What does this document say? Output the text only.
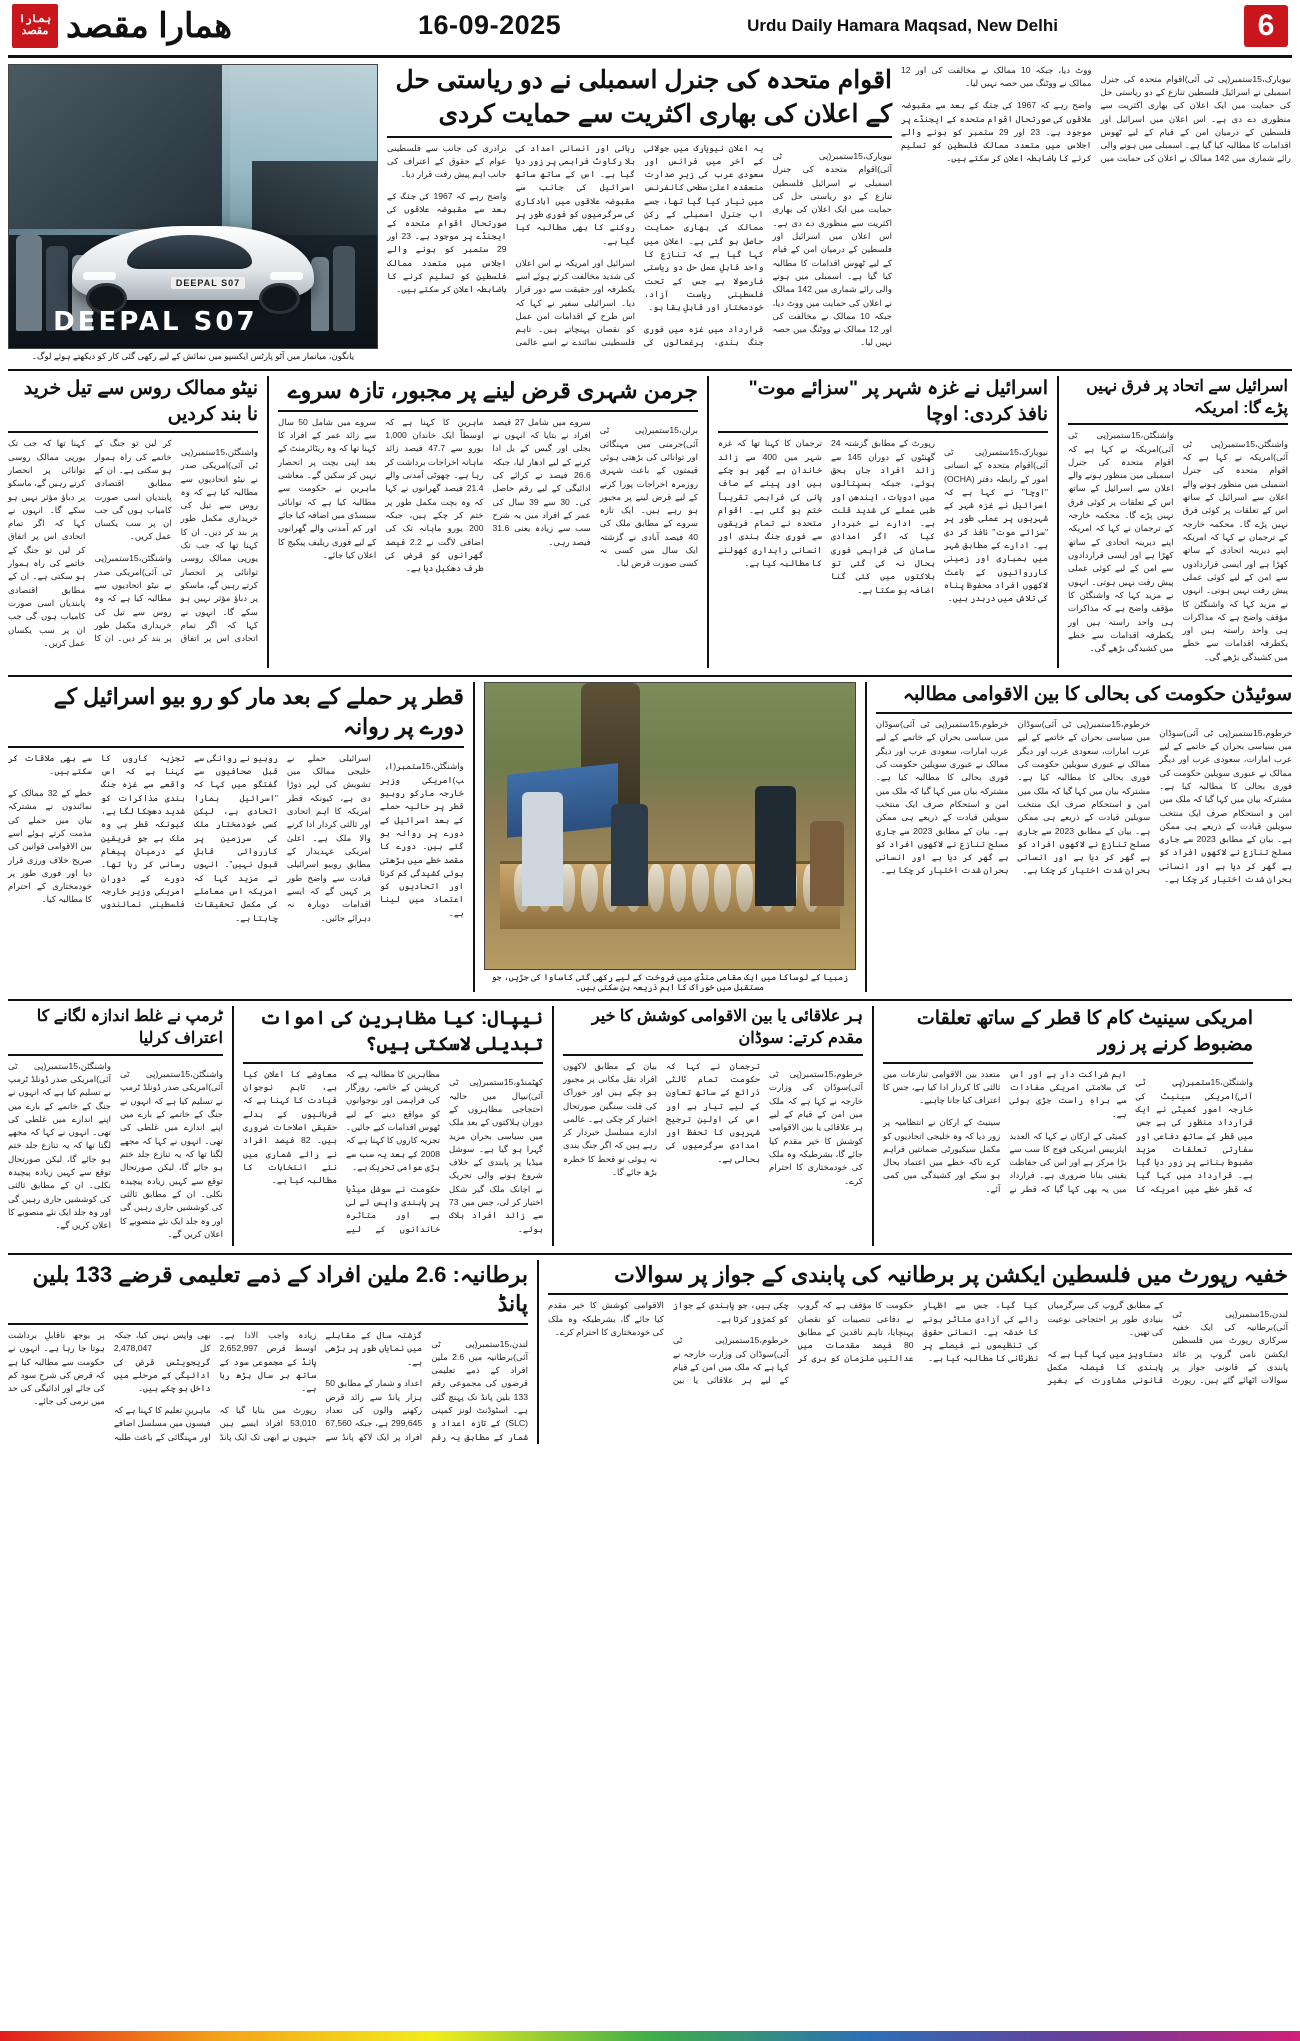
ہمارا
مقصد همارا مقصد	16-09-2025	Urdu Daily Hamara Maqsad, New Delhi	6
DEEPAL S07
DEEPAL S07
یانگون، میانمار میں آٹو پارٹس ایکسپو میں نمائش کے لیے رکھی گئی کار کو دیکھتے ہوئے لوگ۔
اقوام متحدہ کی جنرل اسمبلی نے دو ریاستی حل کے اعلان کی بھاری اکثریت سے حمایت کردی

نیویارک،15ستمبر(پی ٹی آئی)اقوام متحدہ کی جنرل اسمبلی نے اسرائیل فلسطین تنازع کے دو ریاستی حل کی حمایت میں ایک اعلان کی بھاری اکثریت سے منظوری دے دی ہے۔ اس اعلان میں اسرائیل اور فلسطین کے درمیان امن کے قیام کے لیے ٹھوس اقدامات کا مطالبہ کیا گیا ہے۔ اسمبلی میں ہونے والی رائے شماری میں 142 ممالک نے اعلان کی حمایت میں ووٹ دیا، جبکہ 10 ممالک نے مخالفت کی اور 12 ممالک نے ووٹنگ میں حصہ نہیں لیا۔

یہ اعلان نیویارک میں جولائی کے آخر میں فرانس اور سعودی عرب کی زیرِ صدارت منعقدہ اعلیٰ سطحی کانفرنس میں تیار کیا گیا تھا، جسے اب جنرل اسمبلی کے رکن ممالک کی بھاری حمایت حاصل ہو گئی ہے۔ اعلان میں کہا گیا ہے کہ تنازع کا واحد قابلِ عمل حل دو ریاستی فارمولا ہے جس کے تحت فلسطینی ریاست آزاد، خودمختار اور قابلِ بقا ہو۔

قرارداد میں غزہ میں فوری جنگ بندی، یرغمالوں کی رہائی اور انسانی امداد کی بلا رکاوٹ فراہمی پر زور دیا گیا ہے۔ اس کے ساتھ ساتھ اسرائیل کی جانب سے مقبوضہ علاقوں میں آبادکاری کی سرگرمیوں کو فوری طور پر روکنے کا بھی مطالبہ کیا گیا ہے۔

اسرائیل اور امریکہ نے اس اعلان کی شدید مخالفت کرتے ہوئے اسے یکطرفہ اور حقیقت سے دور قرار دیا۔ اسرائیلی سفیر نے کہا کہ اس طرح کے اقدامات امن عمل کو نقصان پہنچاتے ہیں۔ تاہم فلسطینی نمائندے نے اسے عالمی برادری کی جانب سے فلسطینی عوام کے حقوق کے اعتراف کی جانب اہم پیش رفت قرار دیا۔

واضح رہے کہ 1967 کی جنگ کے بعد سے مقبوضہ علاقوں کی صورتحال اقوام متحدہ کے ایجنڈے پر موجود ہے۔ 23 اور 29 ستمبر کو ہونے والے اجلاس میں متعدد ممالک فلسطین کو تسلیم کرنے کا باضابطہ اعلان کر سکتے ہیں۔

نیویارک،15ستمبر(پی ٹی آئی)اقوام متحدہ کی جنرل اسمبلی نے اسرائیل فلسطین تنازع کے دو ریاستی حل کی حمایت میں ایک اعلان کی بھاری اکثریت سے منظوری دے دی ہے۔ اس اعلان میں اسرائیل اور فلسطین کے درمیان امن کے قیام کے لیے ٹھوس اقدامات کا مطالبہ کیا گیا ہے۔ اسمبلی میں ہونے والی رائے شماری میں 142 ممالک نے اعلان کی حمایت میں ووٹ دیا، جبکہ 10 ممالک نے مخالفت کی اور 12 ممالک نے ووٹنگ میں حصہ نہیں لیا۔

واضح رہے کہ 1967 کی جنگ کے بعد سے مقبوضہ علاقوں کی صورتحال اقوام متحدہ کے ایجنڈے پر موجود ہے۔ 23 اور 29 ستمبر کو ہونے والے اجلاس میں متعدد ممالک فلسطین کو تسلیم کرنے کا باضابطہ اعلان کر سکتے ہیں۔

نیٹو ممالک روس سے تیل خرید نا بند کردیں

واشنگٹن،15ستمبر(پی ٹی آئی)امریکی صدر نے نیٹو اتحادیوں سے مطالبہ کیا ہے کہ وہ روس سے تیل کی خریداری مکمل طور پر بند کر دیں۔ ان کا کہنا تھا کہ جب تک یورپی ممالک روسی توانائی پر انحصار کرتے رہیں گے، ماسکو پر دباؤ مؤثر نہیں ہو سکے گا۔ انہوں نے کہا کہ اگر تمام اتحادی اس پر اتفاق کر لیں تو جنگ کے خاتمے کی راہ ہموار ہو سکتی ہے۔ ان کے مطابق اقتصادی پابندیاں اسی صورت کامیاب ہوں گی جب ان پر سب یکساں عمل کریں۔

واشنگٹن،15ستمبر(پی ٹی آئی)امریکی صدر نے نیٹو اتحادیوں سے مطالبہ کیا ہے کہ وہ روس سے تیل کی خریداری مکمل طور پر بند کر دیں۔ ان کا کہنا تھا کہ جب تک یورپی ممالک روسی توانائی پر انحصار کرتے رہیں گے، ماسکو پر دباؤ مؤثر نہیں ہو سکے گا۔ انہوں نے کہا کہ اگر تمام اتحادی اس پر اتفاق کر لیں تو جنگ کے خاتمے کی راہ ہموار ہو سکتی ہے۔ ان کے مطابق اقتصادی پابندیاں اسی صورت کامیاب ہوں گی جب ان پر سب یکساں عمل کریں۔

جرمن شہری قرض لینے پر مجبور، تازہ سروے

برلن،15ستمبر(پی ٹی آئی)جرمنی میں مہنگائی اور توانائی کی بڑھتی ہوئی قیمتوں کے باعث شہری روزمرہ اخراجات پورا کرنے کے لیے قرض لینے پر مجبور ہو رہے ہیں۔ ایک تازہ سروے کے مطابق ملک کی 40 فیصد آبادی نے گزشتہ ایک سال میں کسی نہ کسی صورت قرض لیا۔

سروے میں شامل 27 فیصد افراد نے بتایا کہ انہوں نے بجلی اور گیس کے بل ادا کرنے کے لیے ادھار لیا، جبکہ 26.6 فیصد نے کرائے کی ادائیگی کے لیے رقم حاصل کی۔ 30 سے 39 سال کی عمر کے افراد میں یہ شرح سب سے زیادہ یعنی 31.6 فیصد رہی۔

ماہرین کا کہنا ہے کہ اوسطاً ایک خاندان 1,000 یورو سے 47.7 فیصد زائد ماہانہ اخراجات برداشت کر رہا ہے۔ چھوٹی آمدنی والے 21.4 فیصد گھرانوں نے کہا کہ وہ بچت مکمل طور پر ختم کر چکے ہیں، جبکہ 200 یورو ماہانہ تک کی اضافی لاگت نے 2.2 فیصد گھرانوں کو قرض کی طرف دھکیل دیا ہے۔

سروے میں شامل 50 سال سے زائد عمر کے افراد کا کہنا تھا کہ وہ ریٹائرمنٹ کے بعد اپنی بچت پر انحصار نہیں کر سکیں گے۔ معاشی ماہرین نے حکومت سے مطالبہ کیا ہے کہ توانائی سبسڈی میں اضافہ کیا جائے اور کم آمدنی والے گھرانوں کے لیے فوری ریلیف پیکیج کا اعلان کیا جائے۔

اسرائیل نے غزہ شہر پر "سزائے موت" نافذ کردی: اوچا

نیویارک،15ستمبر(پی ٹی آئی)اقوام متحدہ کے انسانی امور کے رابطہ دفتر (OCHA) "اوچا" نے کہا ہے کہ اسرائیل نے غزہ شہر کے شہریوں پر عملی طور پر "سزائے موت" نافذ کر دی ہے۔ ادارے کے مطابق شہر میں بمباری اور زمینی کارروائیوں کے باعث لاکھوں افراد محفوظ پناہ کی تلاش میں دربدر ہیں۔

رپورٹ کے مطابق گزشتہ 24 گھنٹوں کے دوران 145 سے زائد افراد جاں بحق ہوئے، جبکہ ہسپتالوں میں ادویات، ایندھن اور طبی عملے کی شدید قلت ہے۔ ادارے نے خبردار کیا کہ اگر امدادی سامان کی فراہمی فوری بحال نہ کی گئی تو ہلاکتوں میں کئی گنا اضافہ ہو سکتا ہے۔

ترجمان کا کہنا تھا کہ غزہ شہر میں 400 سے زائد خاندان بے گھر ہو چکے ہیں اور پینے کے صاف پانی کی فراہمی تقریباً ختم ہو گئی ہے۔ اقوام متحدہ نے تمام فریقوں سے فوری جنگ بندی اور انسانی راہداری کھولنے کا مطالبہ کیا ہے۔

اسرائیل سے اتحاد پر فرق نہیں پڑے گا: امریکہ

واشنگٹن،15ستمبر(پی ٹی آئی)امریکہ نے کہا ہے کہ اقوام متحدہ کی جنرل اسمبلی میں منظور ہونے والے اعلان سے اسرائیل کے ساتھ اس کے تعلقات پر کوئی فرق نہیں پڑے گا۔ محکمہ خارجہ کے ترجمان نے کہا کہ امریکہ اپنے دیرینہ اتحادی کے ساتھ کھڑا ہے اور ایسی قراردادوں سے امن کے لیے کوئی عملی پیش رفت نہیں ہوتی۔ انہوں نے مزید کہا کہ واشنگٹن کا مؤقف واضح ہے کہ مذاکرات ہی واحد راستہ ہیں اور یکطرفہ اقدامات سے خطے میں کشیدگی بڑھے گی۔

واشنگٹن،15ستمبر(پی ٹی آئی)امریکہ نے کہا ہے کہ اقوام متحدہ کی جنرل اسمبلی میں منظور ہونے والے اعلان سے اسرائیل کے ساتھ اس کے تعلقات پر کوئی فرق نہیں پڑے گا۔ محکمہ خارجہ کے ترجمان نے کہا کہ امریکہ اپنے دیرینہ اتحادی کے ساتھ کھڑا ہے اور ایسی قراردادوں سے امن کے لیے کوئی عملی پیش رفت نہیں ہوتی۔ انہوں نے مزید کہا کہ واشنگٹن کا مؤقف واضح ہے کہ مذاکرات ہی واحد راستہ ہیں اور یکطرفہ اقدامات سے خطے میں کشیدگی بڑھے گی۔

قطر پر حملے کے بعد مار کو رو بیو اسرائیل کے دورے پر روانہ

واشنگٹن،15ستمبر(ایپ)امریکی وزیر خارجہ مارکو روبیو قطر پر حالیہ حملے کے بعد اسرائیل کے دورے پر روانہ ہو گئے ہیں۔ دورے کا مقصد خطے میں بڑھتی ہوئی کشیدگی کم کرنا اور اتحادیوں کو اعتماد میں لینا ہے۔

اسرائیلی حملے نے خلیجی ممالک میں تشویش کی لہر دوڑا دی ہے، کیونکہ قطر امریکہ کا اہم اتحادی اور ثالثی کردار ادا کرنے والا ملک ہے۔ اعلیٰ امریکی عہدیدار کے مطابق روبیو اسرائیلی قیادت سے واضح طور پر کہیں گے کہ ایسے اقدامات دوبارہ نہ دہرائے جائیں۔

روبیو نے روانگی سے قبل صحافیوں سے گفتگو میں کہا کہ "اسرائیل ہمارا اتحادی ہے، لیکن کسی خودمختار ملک کی سرزمین پر کارروائی قابلِ قبول نہیں"۔ انہوں نے مزید کہا کہ امریکہ اس معاملے کی مکمل تحقیقات چاہتا ہے۔

تجزیہ کاروں کا کہنا ہے کہ اس واقعے سے غزہ جنگ بندی مذاکرات کو شدید دھچکا لگا ہے، کیونکہ قطر ہی وہ ملک ہے جو فریقین کے درمیان پیغام رسانی کر رہا تھا۔ دورے کے دوران امریکی وزیر خارجہ فلسطینی نمائندوں سے بھی ملاقات کر سکتے ہیں۔

خطے کے 32 ممالک کے نمائندوں نے مشترکہ بیان میں حملے کی مذمت کرتے ہوئے اسے بین الاقوامی قوانین کی صریح خلاف ورزی قرار دیا اور فوری طور پر خودمختاری کے احترام کا مطالبہ کیا۔

زمبیا کے لوساکا میں ایک مقامی منڈی میں فروخت کے لیے رکھی گئی کاساوا کی جڑیں، جو مستقبل میں خوراک کا اہم ذریعہ بن سکتی ہیں۔
سوئیڈن حکومت کی بحالی کا بین الاقوامی مطالبہ

خرطوم،15ستمبر(پی ٹی آئی)سوڈان میں سیاسی بحران کے خاتمے کے لیے عرب امارات، سعودی عرب اور دیگر ممالک نے عبوری سویلین حکومت کی فوری بحالی کا مطالبہ کیا ہے۔ مشترکہ بیان میں کہا گیا کہ ملک میں امن و استحکام صرف ایک منتخب سویلین قیادت کے ذریعے ہی ممکن ہے۔ بیان کے مطابق 2023 سے جاری مسلح تنازع نے لاکھوں افراد کو بے گھر کر دیا ہے اور انسانی بحران شدت اختیار کر چکا ہے۔

خرطوم،15ستمبر(پی ٹی آئی)سوڈان میں سیاسی بحران کے خاتمے کے لیے عرب امارات، سعودی عرب اور دیگر ممالک نے عبوری سویلین حکومت کی فوری بحالی کا مطالبہ کیا ہے۔ مشترکہ بیان میں کہا گیا کہ ملک میں امن و استحکام صرف ایک منتخب سویلین قیادت کے ذریعے ہی ممکن ہے۔ بیان کے مطابق 2023 سے جاری مسلح تنازع نے لاکھوں افراد کو بے گھر کر دیا ہے اور انسانی بحران شدت اختیار کر چکا ہے۔

خرطوم،15ستمبر(پی ٹی آئی)سوڈان میں سیاسی بحران کے خاتمے کے لیے عرب امارات، سعودی عرب اور دیگر ممالک نے عبوری سویلین حکومت کی فوری بحالی کا مطالبہ کیا ہے۔ مشترکہ بیان میں کہا گیا کہ ملک میں امن و استحکام صرف ایک منتخب سویلین قیادت کے ذریعے ہی ممکن ہے۔ بیان کے مطابق 2023 سے جاری مسلح تنازع نے لاکھوں افراد کو بے گھر کر دیا ہے اور انسانی بحران شدت اختیار کر چکا ہے۔

ٹرمپ نے غلط اندازہ لگانے کا اعتراف کرلیا

واشنگٹن،15ستمبر(پی ٹی آئی)امریکی صدر ڈونلڈ ٹرمپ نے تسلیم کیا ہے کہ انہوں نے جنگ کے خاتمے کے بارے میں اپنے اندازے میں غلطی کی تھی۔ انہوں نے کہا کہ مجھے لگتا تھا کہ یہ تنازع جلد ختم ہو جائے گا، لیکن صورتحال توقع سے کہیں زیادہ پیچیدہ نکلی۔ ان کے مطابق ثالثی کی کوششیں جاری رہیں گی اور وہ جلد ایک نئے منصوبے کا اعلان کریں گے۔

واشنگٹن،15ستمبر(پی ٹی آئی)امریکی صدر ڈونلڈ ٹرمپ نے تسلیم کیا ہے کہ انہوں نے جنگ کے خاتمے کے بارے میں اپنے اندازے میں غلطی کی تھی۔ انہوں نے کہا کہ مجھے لگتا تھا کہ یہ تنازع جلد ختم ہو جائے گا، لیکن صورتحال توقع سے کہیں زیادہ پیچیدہ نکلی۔ ان کے مطابق ثالثی کی کوششیں جاری رہیں گی اور وہ جلد ایک نئے منصوبے کا اعلان کریں گے۔

نیپال: کیا مظاہرین کی اموات تبدیلی لاسکتی ہیں؟

کھٹمنڈو،15ستمبر(پی ٹی آئی)نیپال میں حالیہ احتجاجی مظاہروں کے دوران ہلاکتوں کے بعد ملک میں سیاسی بحران مزید گہرا ہو گیا ہے۔ سوشل میڈیا پر پابندی کے خلاف شروع ہونے والی تحریک نے اچانک ملک گیر شکل اختیار کر لی، جس میں 73 سے زائد افراد ہلاک ہوئے۔

مظاہرین کا مطالبہ ہے کہ کرپشن کے خاتمے، روزگار کی فراہمی اور نوجوانوں کو مواقع دینے کے لیے ٹھوس اقدامات کیے جائیں۔ تجزیہ کاروں کا کہنا ہے کہ 2008 کے بعد یہ سب سے بڑی عوامی تحریک ہے۔

حکومت نے سوشل میڈیا پر پابندی واپس لے لی ہے اور متاثرہ خاندانوں کے لیے معاوضے کا اعلان کیا ہے، تاہم نوجوان قیادت کا کہنا ہے کہ قربانیوں کے بدلے حقیقی اصلاحات ضروری ہیں۔ 82 فیصد افراد نے رائے شماری میں نئے انتخابات کا مطالبہ کیا ہے۔

ہر علاقائی یا بین الاقوامی کوشش کا خیر مقدم کرتے: سوڈان

خرطوم،15ستمبر(پی ٹی آئی)سوڈان کی وزارت خارجہ نے کہا ہے کہ ملک میں امن کے قیام کے لیے ہر علاقائی یا بین الاقوامی کوشش کا خیر مقدم کیا جائے گا، بشرطیکہ وہ ملک کی خودمختاری کا احترام کرے۔

ترجمان نے کہا کہ حکومت تمام ثالثی ذرائع کے ساتھ تعاون کے لیے تیار ہے اور اس کی اولین ترجیح شہریوں کا تحفظ اور امدادی سرگرمیوں کی بحالی ہے۔

بیان کے مطابق لاکھوں افراد نقل مکانی پر مجبور ہو چکے ہیں اور خوراک کی قلت سنگین صورتحال اختیار کر چکی ہے۔ عالمی ادارے مسلسل خبردار کر رہے ہیں کہ اگر جنگ بندی نہ ہوئی تو قحط کا خطرہ بڑھ جائے گا۔

امریکی سینیٹ کام کا قطر کے ساتھ تعلقات مضبوط کرنے پر زور

واشنگٹن،15ستمبر(پی ٹی آئی)امریکی سینیٹ کی خارجہ امور کمیٹی نے ایک قرارداد منظور کی ہے جس میں قطر کے ساتھ دفاعی اور سفارتی تعلقات مزید مضبوط بنانے پر زور دیا گیا ہے۔ قرارداد میں کہا گیا کہ قطر خطے میں امریکہ کا اہم شراکت دار ہے اور اس کی سلامتی امریکی مفادات سے براہِ راست جڑی ہوئی ہے۔

کمیٹی کے ارکان نے کہا کہ العدید ایئربیس امریکی فوج کا سب سے بڑا مرکز ہے اور اس کی حفاظت یقینی بنانا ضروری ہے۔ قرارداد میں یہ بھی کہا گیا کہ قطر نے متعدد بین الاقوامی تنازعات میں ثالثی کا کردار ادا کیا ہے، جس کا اعتراف کیا جانا چاہیے۔

سینیٹ کے ارکان نے انتظامیہ پر زور دیا کہ وہ خلیجی اتحادیوں کو مکمل سیکیورٹی ضمانتیں فراہم کرے تاکہ خطے میں اعتماد بحال ہو سکے اور کشیدگی میں کمی آئے۔

برطانیہ: 2.6 ملین افراد کے ذمے تعلیمی قرضے 133 بلین پانڈ

لندن،15ستمبر(پی ٹی آئی)برطانیہ میں 2.6 ملین افراد کے ذمے تعلیمی قرضوں کی مجموعی رقم 133 بلین پانڈ تک پہنچ گئی ہے۔ اسٹوڈنٹ لونز کمپنی (SLC) کے تازہ اعداد و شمار کے مطابق یہ رقم گزشتہ سال کے مقابلے میں نمایاں طور پر بڑھی ہے۔

اعداد و شمار کے مطابق 50 ہزار پانڈ سے زائد قرض رکھنے والوں کی تعداد 299,645 ہے، جبکہ 67,560 افراد پر ایک لاکھ پانڈ سے زیادہ واجب الادا ہے۔ اوسط قرض 2,652,997 پانڈ کے مجموعی سود کے ساتھ ہر سال بڑھ رہا ہے۔

رپورٹ میں بتایا گیا کہ 53,010 افراد ایسے ہیں جنہوں نے ابھی تک ایک پانڈ بھی واپس نہیں کیا، جبکہ کل 2,478,047 گریجویٹس قرض کی ادائیگی کے مرحلے میں داخل ہو چکے ہیں۔

ماہرینِ تعلیم کا کہنا ہے کہ فیسوں میں مسلسل اضافے اور مہنگائی کے باعث طلبہ پر بوجھ ناقابلِ برداشت ہوتا جا رہا ہے۔ انہوں نے حکومت سے مطالبہ کیا ہے کہ قرض کی شرحِ سود کم کی جائے اور ادائیگی کی حد میں نرمی کی جائے۔

خفیہ رپورٹ میں فلسطین ایکشن پر برطانیہ کی پابندی کے جواز پر سوالات

لندن،15ستمبر(پی ٹی آئی)برطانیہ کی ایک خفیہ سرکاری رپورٹ میں فلسطین ایکشن نامی گروپ پر عائد پابندی کے قانونی جواز پر سوالات اٹھائے گئے ہیں۔ رپورٹ کے مطابق گروپ کی سرگرمیاں بنیادی طور پر احتجاجی نوعیت کی تھیں۔

دستاویز میں کہا گیا ہے کہ پابندی کا فیصلہ مکمل قانونی مشاورت کے بغیر کیا گیا، جس سے اظہارِ رائے کی آزادی متاثر ہونے کا خدشہ ہے۔ انسانی حقوق کی تنظیموں نے فیصلے پر نظرثانی کا مطالبہ کیا ہے۔

حکومت کا مؤقف ہے کہ گروپ نے دفاعی تنصیبات کو نقصان پہنچایا، تاہم ناقدین کے مطابق 80 فیصد مقدمات میں عدالتیں ملزمان کو بری کر چکی ہیں، جو پابندی کے جواز کو کمزور کرتا ہے۔

خرطوم،15ستمبر(پی ٹی آئی)سوڈان کی وزارت خارجہ نے کہا ہے کہ ملک میں امن کے قیام کے لیے ہر علاقائی یا بین الاقوامی کوشش کا خیر مقدم کیا جائے گا، بشرطیکہ وہ ملک کی خودمختاری کا احترام کرے۔
